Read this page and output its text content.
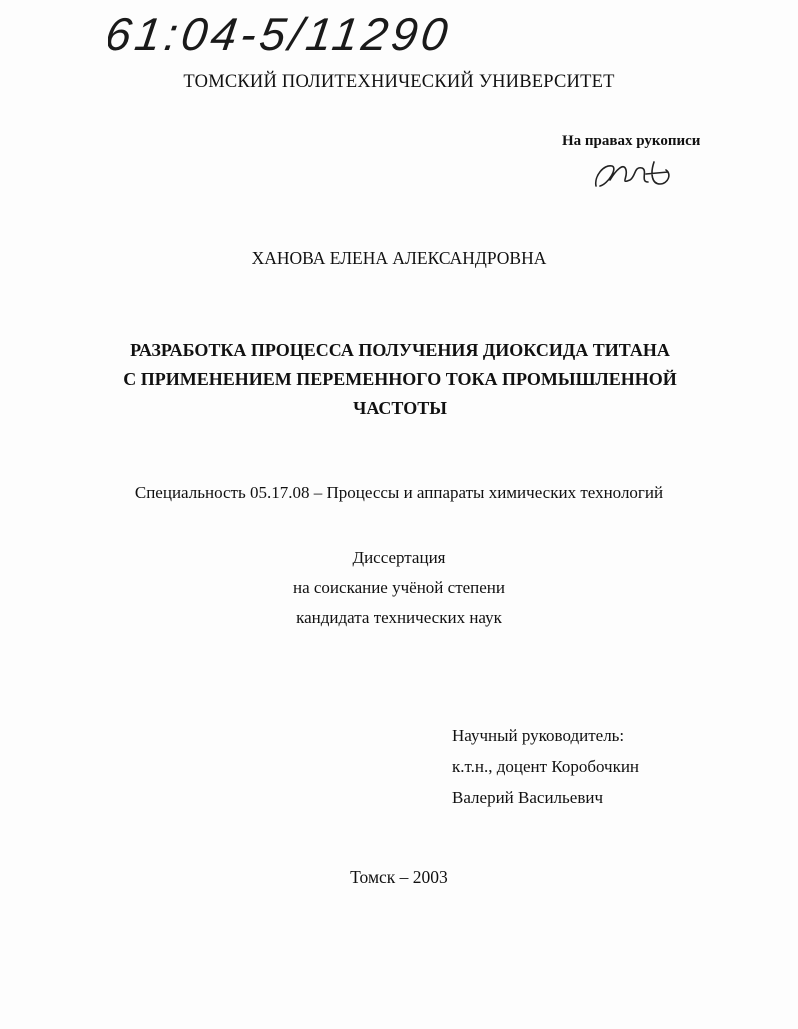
61:04-5/11290
ТОМСКИЙ ПОЛИТЕХНИЧЕСКИЙ УНИВЕРСИТЕТ
На правах рукописи
ХАНОВА ЕЛЕНА АЛЕКСАНДРОВНА
РАЗРАБОТКА ПРОЦЕССА ПОЛУЧЕНИЯ ДИОКСИДА ТИТАНА
С ПРИМЕНЕНИЕМ ПЕРЕМЕННОГО ТОКА ПРОМЫШЛЕННОЙ
ЧАСТОТЫ
Специальность 05.17.08 – Процессы и аппараты химических технологий
Диссертация
на соискание учёной степени
кандидата технических наук
Научный руководитель:
к.т.н., доцент Коробочкин
Валерий Васильевич
Томск – 2003
